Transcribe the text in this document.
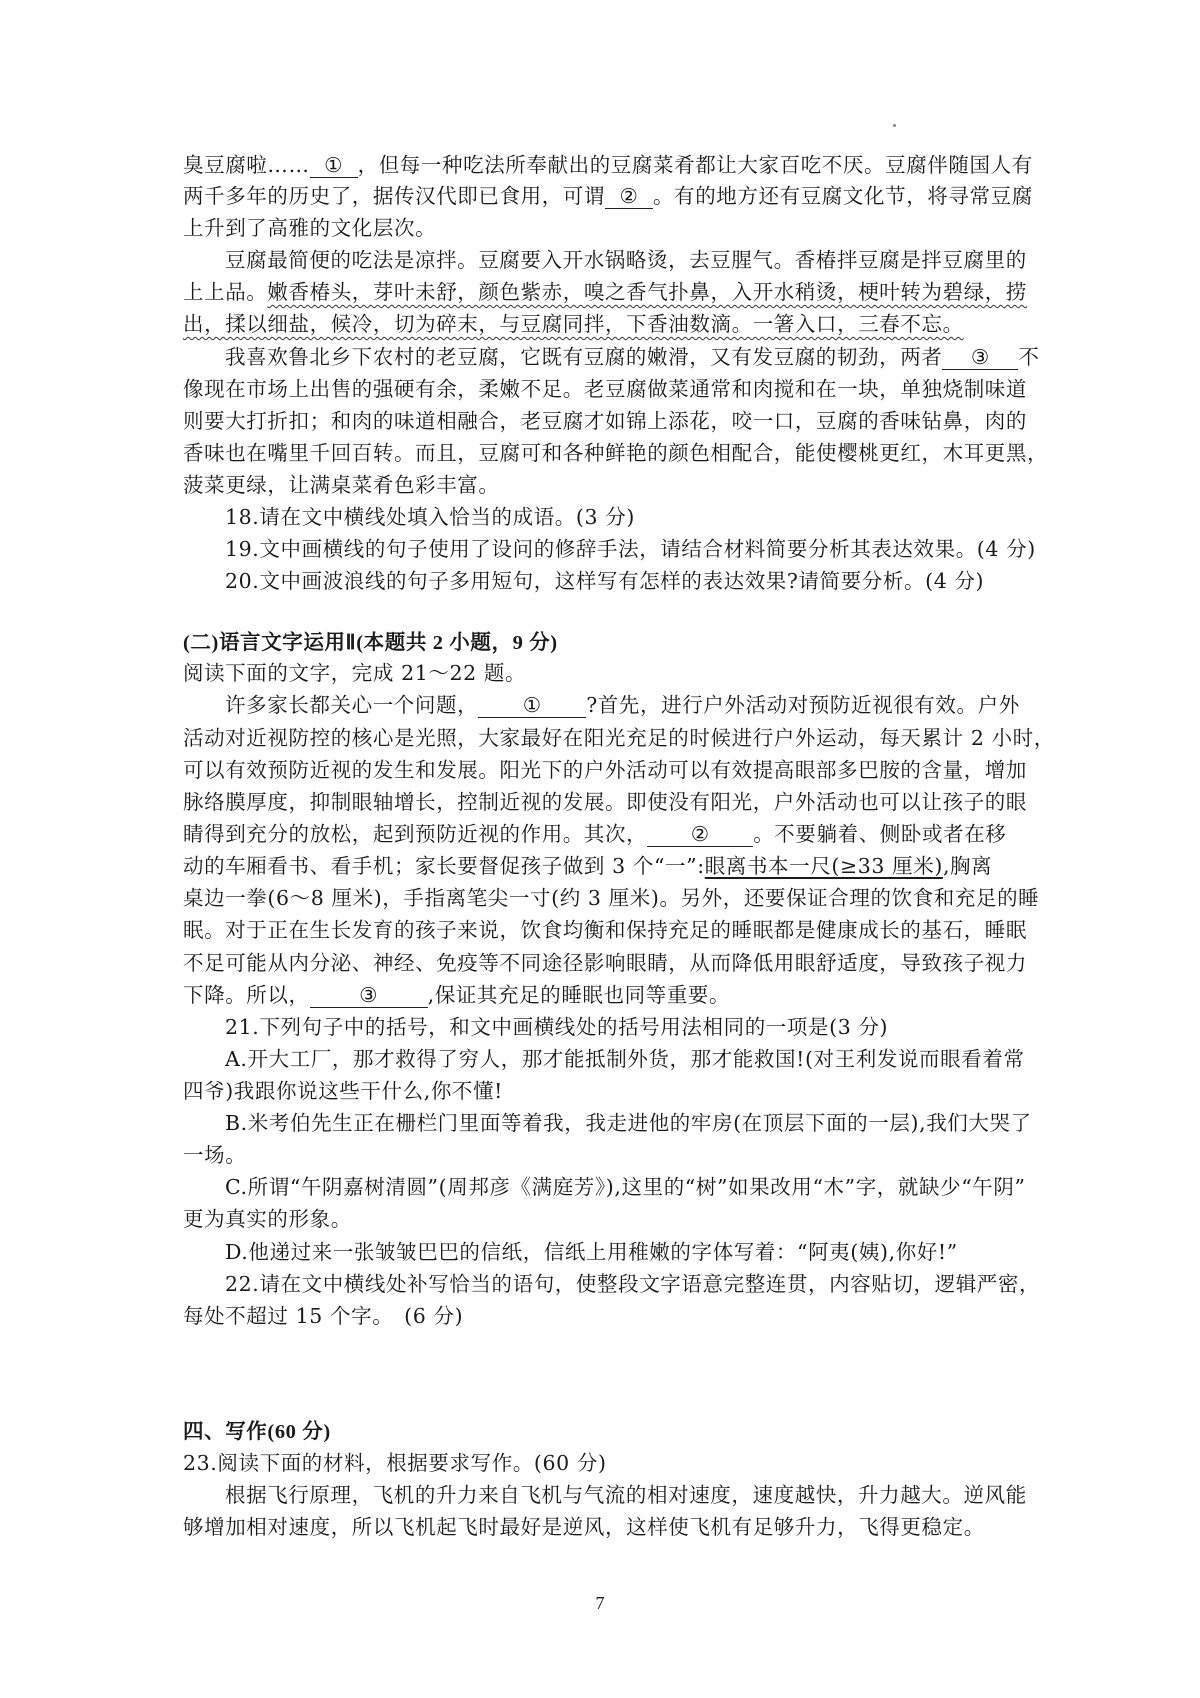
臭豆腐啦…… ① ，但每一种吃法所奉献出的豆腐菜肴都让大家百吃不厌。豆腐伴随国人有
两千多年的历史了，据传汉代即已食用，可谓 ② 。有的地方还有豆腐文化节，将寻常豆腐
上升到了高雅的文化层次。
豆腐最简便的吃法是凉拌。豆腐要入开水锅略烫，去豆腥气。香椿拌豆腐是拌豆腐里的
上上品。嫩香椿头，芽叶未舒，颜色紫赤，嗅之香气扑鼻，入开水稍烫，梗叶转为碧绿，捞
出，揉以细盐，候冷，切为碎末，与豆腐同拌，下香油数滴。一箸入口，三春不忘。
我喜欢鲁北乡下农村的老豆腐，它既有豆腐的嫩滑，又有发豆腐的韧劲，两者 ③ 不
像现在市场上出售的强硬有余，柔嫩不足。老豆腐做菜通常和肉搅和在一块，单独烧制味道
则要大打折扣；和肉的味道相融合，老豆腐才如锦上添花，咬一口，豆腐的香味钻鼻，肉的
香味也在嘴里千回百转。而且，豆腐可和各种鲜艳的颜色相配合，能使樱桃更红，木耳更黑，
菠菜更绿，让满桌菜肴色彩丰富。
18.请在文中横线处填入恰当的成语。(3 分)
19.文中画横线的句子使用了设问的修辞手法，请结合材料简要分析其表达效果。(4 分)
20.文中画波浪线的句子多用短句，这样写有怎样的表达效果?请简要分析。(4 分)
(二)语言文字运用Ⅱ(本题共 2 小题，9 分)
阅读下面的文字，完成 21～22 题。
许多家长都关心一个问题， ① ?首先，进行户外活动对预防近视很有效。户外
活动对近视防控的核心是光照，大家最好在阳光充足的时候进行户外运动，每天累计 2 小时，
可以有效预防近视的发生和发展。阳光下的户外活动可以有效提高眼部多巴胺的含量，增加
脉络膜厚度，抑制眼轴增长，控制近视的发展。即使没有阳光，户外活动也可以让孩子的眼
睛得到充分的放松，起到预防近视的作用。其次， ② 。不要躺着、侧卧或者在移
动的车厢看书、看手机；家长要督促孩子做到 3 个“一”:眼离书本一尺(≥33 厘米),胸离
桌边一拳(6～8 厘米)，手指离笔尖一寸(约 3 厘米)。另外，还要保证合理的饮食和充足的睡
眠。对于正在生长发育的孩子来说，饮食均衡和保持充足的睡眠都是健康成长的基石，睡眠
不足可能从内分泌、神经、免疫等不同途径影响眼睛，从而降低用眼舒适度，导致孩子视力
下降。所以， ③ ,保证其充足的睡眠也同等重要。
21.下列句子中的括号，和文中画横线处的括号用法相同的一项是(3 分)
A.开大工厂，那才救得了穷人，那才能抵制外货，那才能救国!(对王利发说而眼看着常
四爷)我跟你说这些干什么,你不懂!
B.米考伯先生正在栅栏门里面等着我，我走进他的牢房(在顶层下面的一层),我们大哭了
一场。
C.所谓“午阴嘉树清圆”(周邦彦《满庭芳》),这里的“树”如果改用“木”字，就缺少“午阴”
更为真实的形象。
D.他递过来一张皱皱巴巴的信纸，信纸上用稚嫩的字体写着：“阿夷(姨),你好!”
22.请在文中横线处补写恰当的语句，使整段文字语意完整连贯，内容贴切，逻辑严密，
每处不超过 15 个字。　(6 分)
四、写作(60 分)
23.阅读下面的材料，根据要求写作。(60 分)
根据飞行原理，飞机的升力来自飞机与气流的相对速度，速度越快，升力越大。逆风能
够增加相对速度，所以飞机起飞时最好是逆风，这样使飞机有足够升力，飞得更稳定。
7
